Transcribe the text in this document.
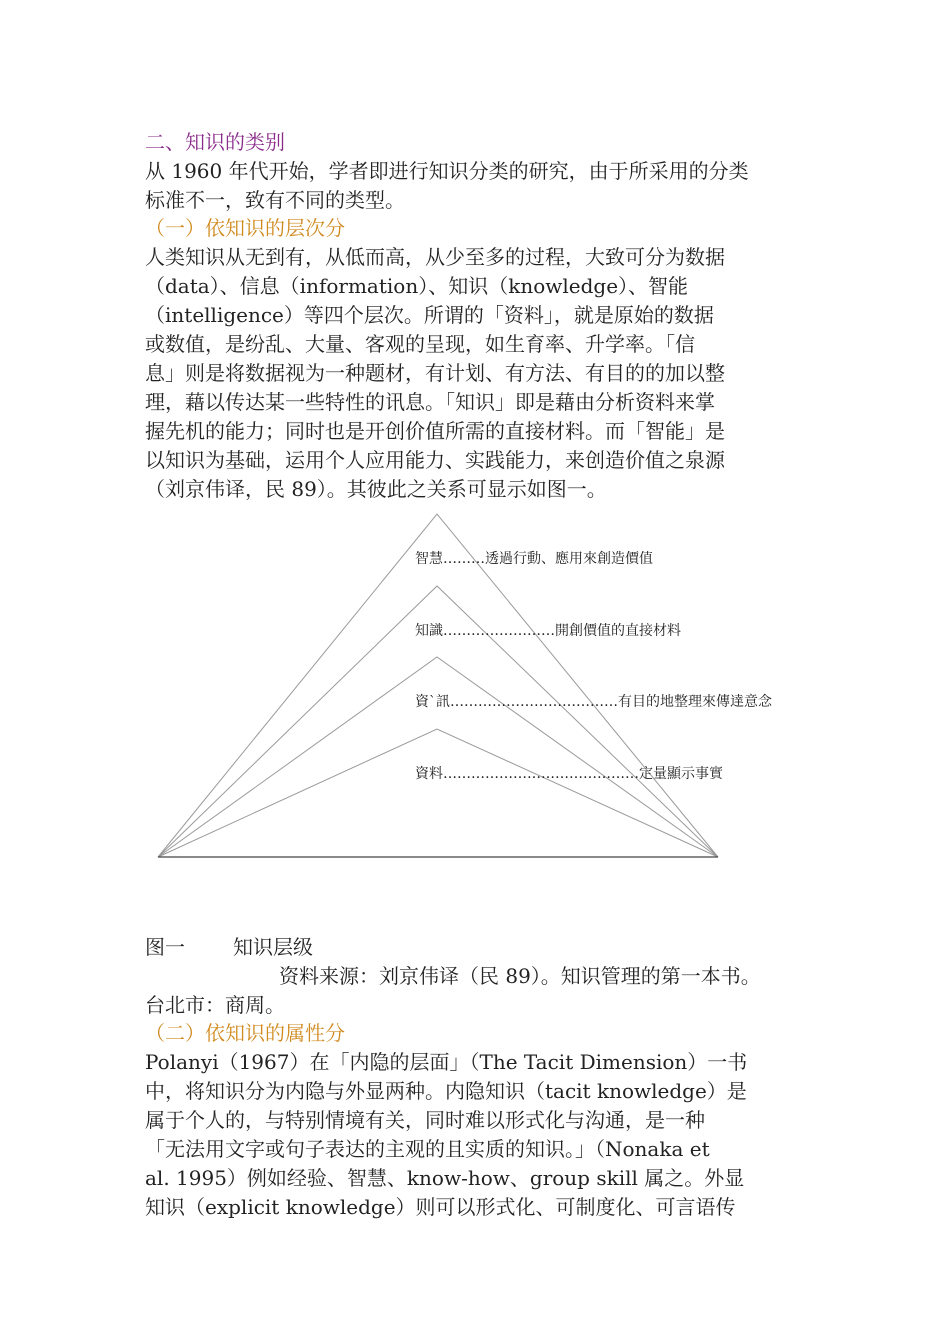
二、知识的类别
从 1960 年代开始，学者即进行知识分类的研究，由于所采用的分类
标准不一，致有不同的类型。
（一）依知识的层次分
人类知识从无到有，从低而高，从少至多的过程，大致可分为数据
（data）、信息（information）、知识（knowledge）、智能
（intelligence）等四个层次。所谓的「资料」，就是原始的数据
或数值，是纷乱、大量、客观的呈现，如生育率、升学率。「信
息」则是将数据视为一种题材，有计划、有方法、有目的的加以整
理，藉以传达某一些特性的讯息。「知识」即是藉由分析资料来掌
握先机的能力；同时也是开创价值所需的直接材料。而「智能」是
以知识为基础，运用个人应用能力、实践能力，来创造价值之泉源
（刘京伟译，民 89）。其彼此之关系可显示如图一。
智慧………透過行動、應用來創造價值
知識……………………開創價值的直接材料
資`訊………………………………有目的地整理來傳達意念
資料……………………………………定量顯示事實
图一 知识层级
资料来源：刘京伟译（民 89）。知识管理的第一本书。
台北市：商周。
（二）依知识的属性分
Polanyi（1967）在「内隐的层面」（The Tacit Dimension）一书
中，将知识分为内隐与外显两种。内隐知识（tacit knowledge）是
属于个人的，与特别情境有关，同时难以形式化与沟通，是一种
「无法用文字或句子表达的主观的且实质的知识。」（Nonaka et
al. 1995）例如经验、智慧、know-how、group skill 属之。外显
知识（explicit knowledge）则可以形式化、可制度化、可言语传
